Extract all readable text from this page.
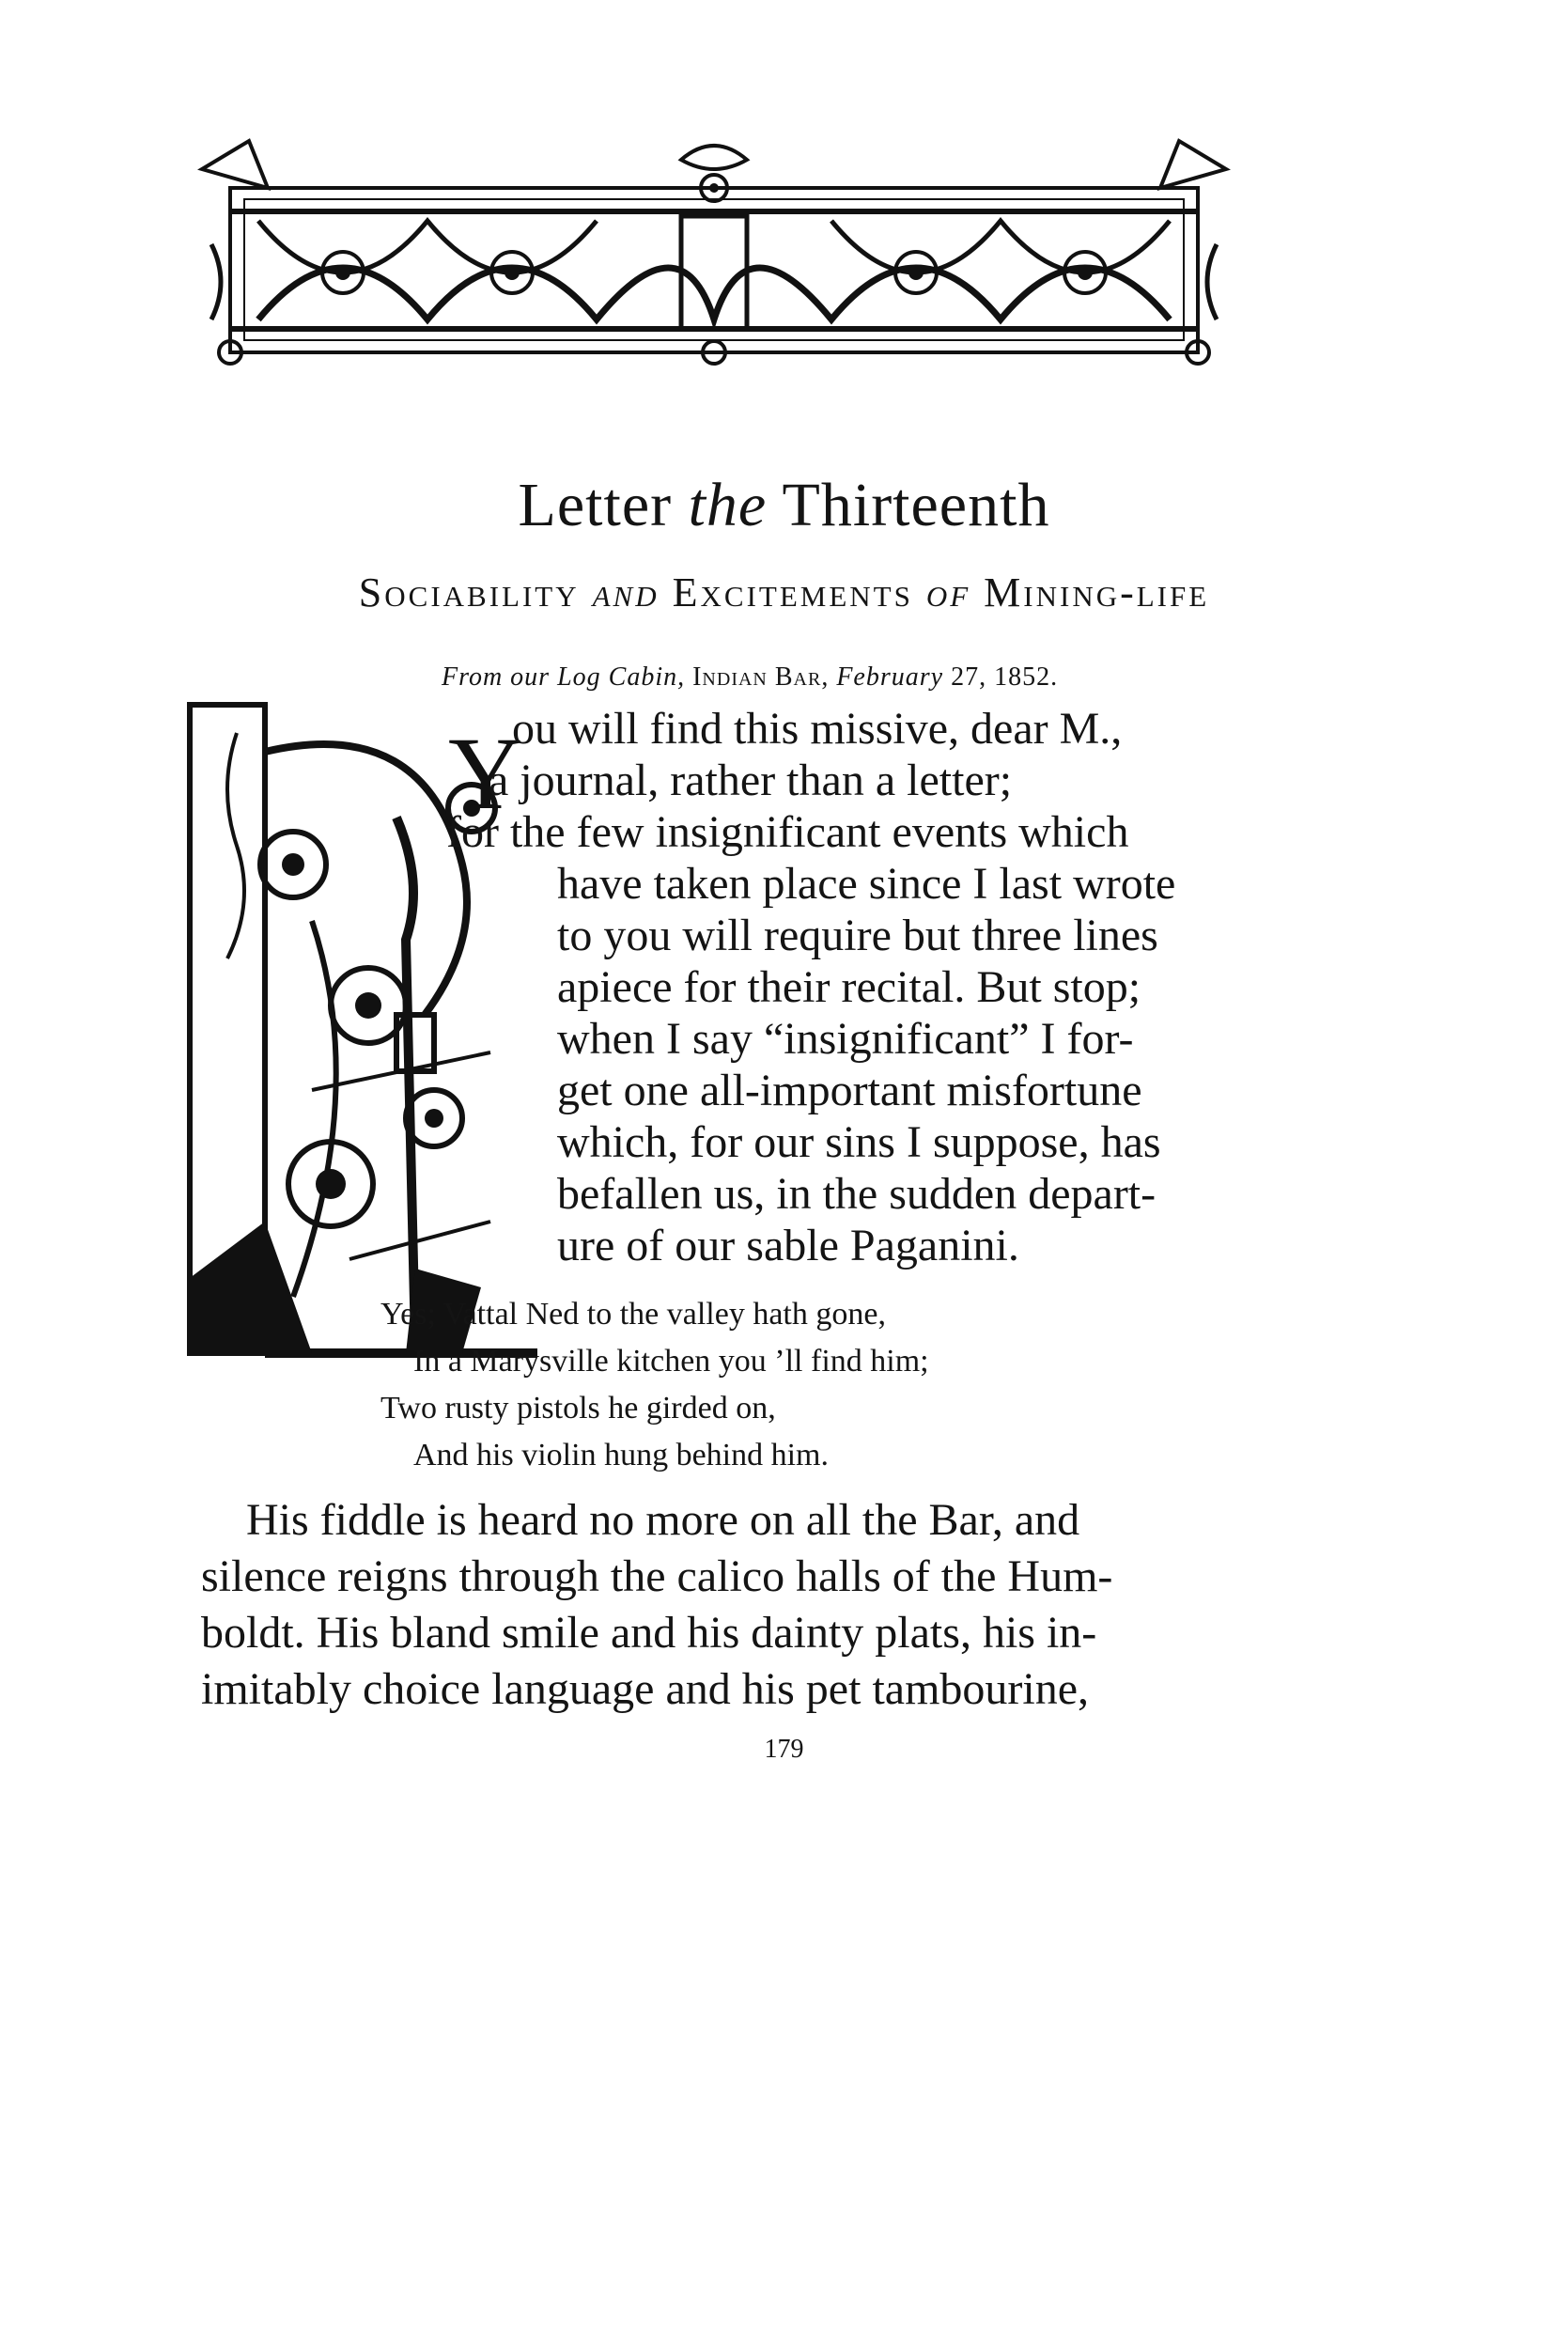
Letter the Thirteenth
Sociability and Excitements of Mining-life
From our Log Cabin, Indian Bar, February 27, 1852.
Y
ou will find this missive, dear M.,
a journal, rather than a letter;
for the few insignificant events which
have taken place since I last wrote
to you will require but three lines
apiece for their recital. But stop;
when I say “insignificant” I for-
get one all-important misfortune
which, for our sins I suppose, has
befallen us, in the sudden depart-
ure of our sable Paganini.
Yes; Vattal Ned to the valley hath gone,
In a Marysville kitchen you ’ll find him;
Two rusty pistols he girded on,
And his violin hung behind him.
His fiddle is heard no more on all the Bar, and
silence reigns through the calico halls of the Hum-
boldt. His bland smile and his dainty plats, his in-
imitably choice language and his pet tambourine,
179
